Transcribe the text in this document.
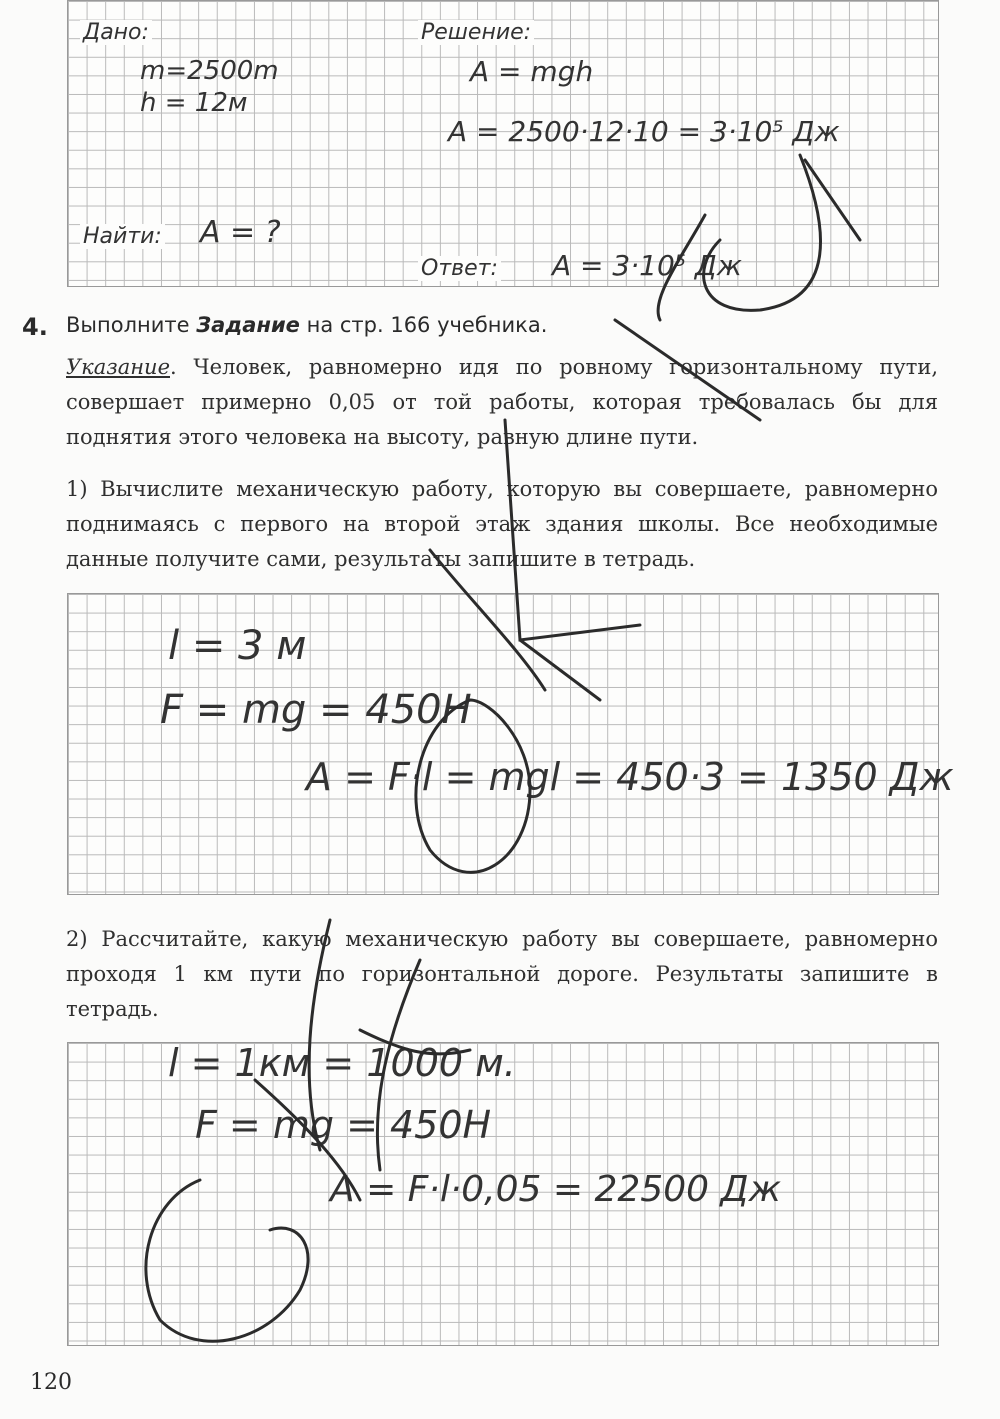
Дано:	Решение:
Найти:
Ответ:
m=2500m
h = 12м
A = ?
A = mgh
A = 2500·12·10 = 3·10⁵ Дж
A = 3·10⁵ Дж
4. Выполните Задание на стр. 166 учебника.
Указание. Человек, равномерно идя по ровному горизонтальному пути, совершает примерно 0,05 от той работы, которая требовалась бы для поднятия этого человека на высоту, равную длине пути.
1) Вычислите механическую работу, которую вы совершаете, равномерно поднимаясь с первого на второй этаж здания школы. Все необходимые данные получите сами, результаты запишите в тетрадь.
l = 3 м
F = mg = 450Н
A = F·l = mgl = 450·3 = 1350 Дж
2) Рассчитайте, какую механическую работу вы совершаете, равномерно проходя 1 км пути по горизонтальной дороге. Результаты запишите в тетрадь.
l = 1км = 1000 м.
F = mg = 450Н
A = F·l·0,05 = 22500 Дж
120
